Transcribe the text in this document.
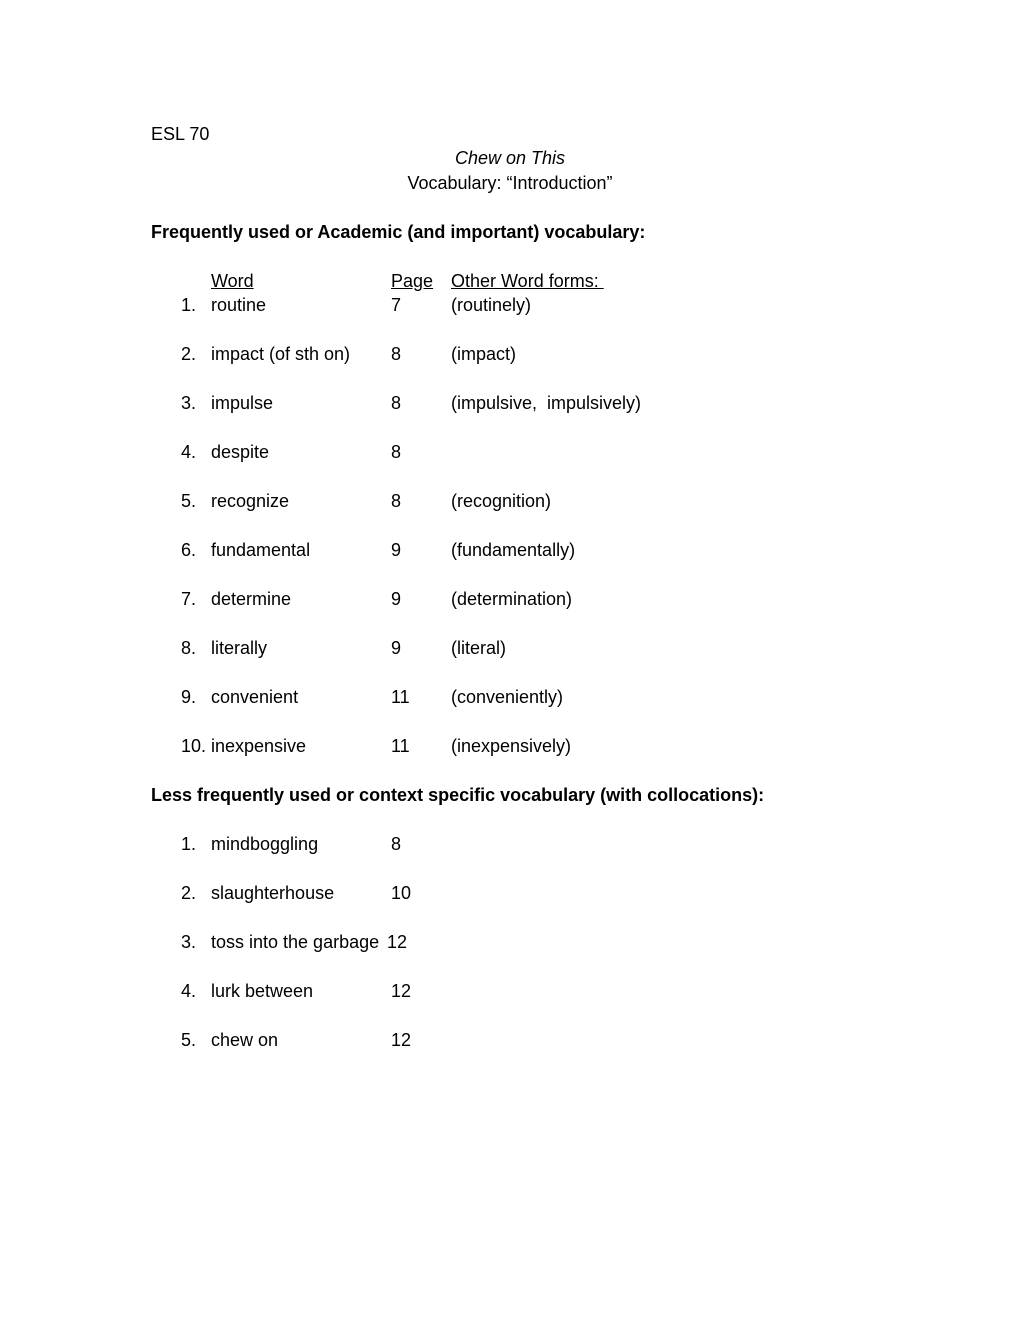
ESL 70
Chew on This
Vocabulary: “Introduction”
Frequently used or Academic (and important) vocabulary:
Word	Page Other Word forms:
1. routine	7	(routinely)
2. impact (of sth on) 8	(impact)
3. impulse	8	(impulsive,  impulsively)
4. despite	8
5. recognize	8	(recognition)
6. fundamental	9	(fundamentally)
7. determine	9	(determination)
8. literally	9	(literal)
9. convenient	11 (conveniently)
10. inexpensive	11 (inexpensively)
Less frequently used or context specific vocabulary (with collocations):
1. mindboggling	8
2. slaughterhouse	10
3. toss into the garbage 12
4. lurk between	12
5. chew on	12
